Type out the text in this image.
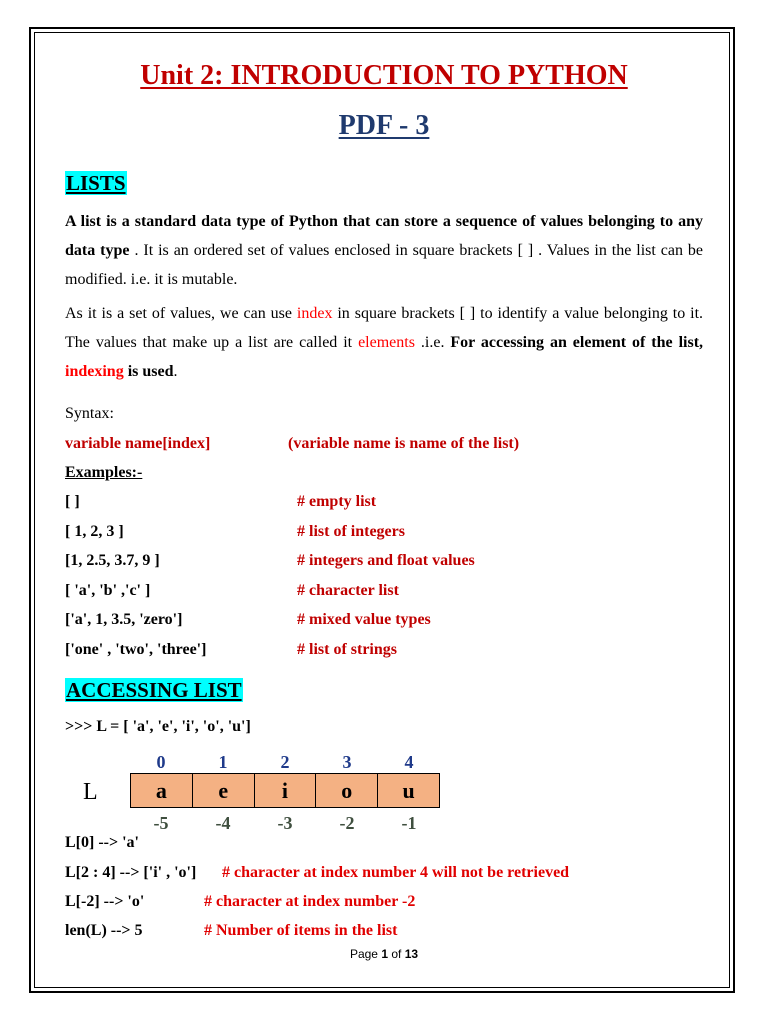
Unit 2: INTRODUCTION TO PYTHON
PDF - 3
LISTS
A list is a standard data type of Python that can store a sequence of values belonging to any data type . It is an ordered set of values enclosed in square brackets [ ] . Values in the list can be modified. i.e. it is mutable.
As it is a set of values, we can use index in square brackets [ ] to identify a value belonging to it. The values that make up a list are called it elements .i.e. For accessing an element of the list, indexing is used.
Syntax:
variable name[index]	(variable name is name of the list)
Examples:-
[ ]	# empty list
[ 1, 2, 3 ]	# list of integers
[1, 2.5, 3.7, 9 ]	# integers and float values
[ 'a', 'b' ,'c' ]	# character list
['a', 1, 3.5, 'zero']	# mixed value types
['one' , 'two', 'three']	# list of strings
ACCESSING LIST
>>> L = [ 'a', 'e', 'i', 'o', 'u']
0	1	2	3	4
L	a	e	i	o	u
-5	-4	-3	-2	-1
L[0] --> 'a'
L[2 : 4] --> ['i' , 'o'] # character at index number 4 will not be retrieved
L[-2] --> 'o'	# character at index number -2
len(L) --> 5	# Number of items in the list
Page 1 of 13
